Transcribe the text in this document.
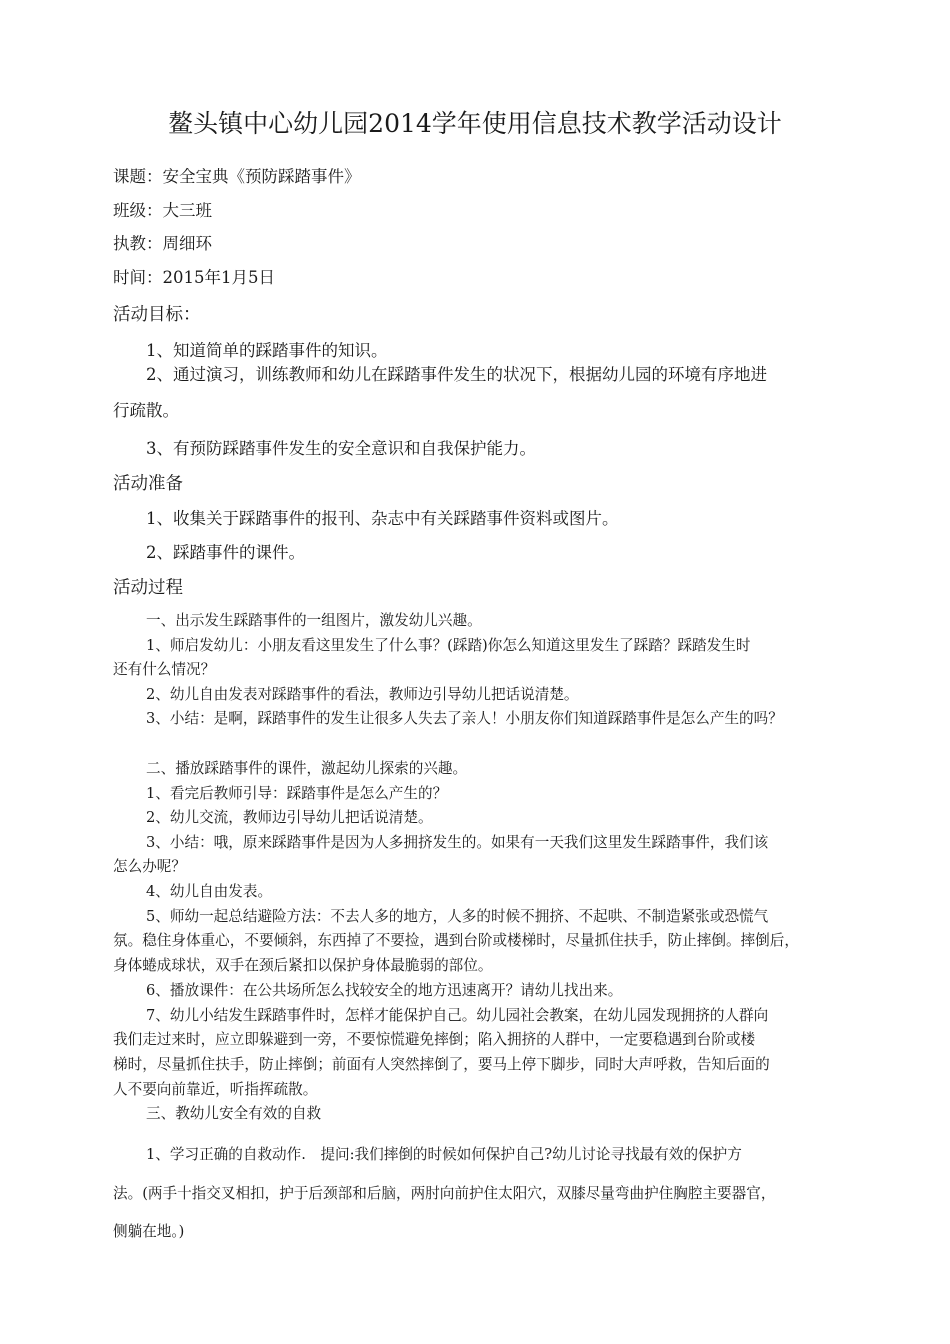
鳌头镇中心幼儿园2014学年使用信息技术教学活动设计
课题：安全宝典《预防踩踏事件》
班级：大三班
执教：周细环
时间：2015年1月5日
活动目标：
1、知道简单的踩踏事件的知识。
2、通过演习，训练教师和幼儿在踩踏事件发生的状况下，根据幼儿园的环境有序地进
行疏散。
3、有预防踩踏事件发生的安全意识和自我保护能力。
活动准备
1、收集关于踩踏事件的报刊、杂志中有关踩踏事件资料或图片。
2、踩踏事件的课件。
活动过程
一、出示发生踩踏事件的一组图片，激发幼儿兴趣。
1、师启发幼儿：小朋友看这里发生了什么事？(踩踏)你怎么知道这里发生了踩踏？踩踏发生时
还有什么情况？
2、幼儿自由发表对踩踏事件的看法，教师边引导幼儿把话说清楚。
3、小结：是啊，踩踏事件的发生让很多人失去了亲人！小朋友你们知道踩踏事件是怎么产生的吗？
二、播放踩踏事件的课件，激起幼儿探索的兴趣。
1、看完后教师引导：踩踏事件是怎么产生的？
2、幼儿交流，教师边引导幼儿把话说清楚。
3、小结：哦，原来踩踏事件是因为人多拥挤发生的。如果有一天我们这里发生踩踏事件，我们该
怎么办呢？
4、幼儿自由发表。
5、师幼一起总结避险方法：不去人多的地方，人多的时候不拥挤、不起哄、不制造紧张或恐慌气
氛。稳住身体重心，不要倾斜，东西掉了不要捡，遇到台阶或楼梯时，尽量抓住扶手，防止摔倒。摔倒后，
身体蜷成球状，双手在颈后紧扣以保护身体最脆弱的部位。
6、播放课件：在公共场所怎么找较安全的地方迅速离开？请幼儿找出来。
7、幼儿小结发生踩踏事件时，怎样才能保护自己。幼儿园社会教案，在幼儿园发现拥挤的人群向
我们走过来时，应立即躲避到一旁，不要惊慌避免摔倒；陷入拥挤的人群中，一定要稳遇到台阶或楼
梯时，尽量抓住扶手，防止摔倒；前面有人突然摔倒了，要马上停下脚步，同时大声呼救，告知后面的
人不要向前靠近，听指挥疏散。
三、教幼儿安全有效的自救
1、学习正确的自救动作.　提问:我们摔倒的时候如何保护自己?幼儿讨论寻找最有效的保护方
法。(两手十指交叉相扣，护于后颈部和后脑，两肘向前护住太阳穴，双膝尽量弯曲护住胸腔主要器官，
侧躺在地。)
